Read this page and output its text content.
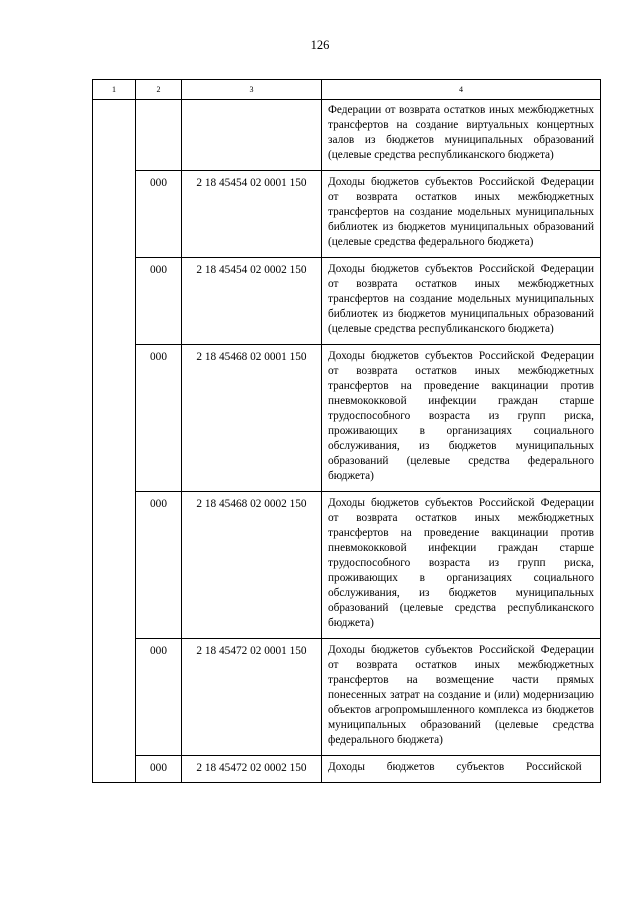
126
1	2	3	4
			Федерации от возврата остатков иных межбюджетных трансфертов на создание виртуальных концертных залов из бюджетов муниципальных образований (целевые средства республиканского бюджета)
	000	2 18 45454 02 0001 150	Доходы бюджетов субъектов Российской Федерации от возврата остатков иных межбюджетных трансфертов на создание модельных муниципальных библиотек из бюджетов муниципальных образований (целевые средства федерального бюджета)
	000	2 18 45454 02 0002 150	Доходы бюджетов субъектов Российской Федерации от возврата остатков иных межбюджетных трансфертов на создание модельных муниципальных библиотек из бюджетов муниципальных образований (целевые средства республиканского бюджета)
	000	2 18 45468 02 0001 150	Доходы бюджетов субъектов Российской Федерации от возврата остатков иных межбюджетных трансфертов на проведение вакцинации против пневмококковой инфекции граждан старше трудоспособного возраста из групп риска, проживающих в организациях социального обслуживания, из бюджетов муниципальных образований (целевые средства федерального бюджета)
	000	2 18 45468 02 0002 150	Доходы бюджетов субъектов Российской Федерации от возврата остатков иных межбюджетных трансфертов на проведение вакцинации против пневмококковой инфекции граждан старше трудоспособного возраста из групп риска, проживающих в организациях социального обслуживания, из бюджетов муниципальных образований (целевые средства республиканского бюджета)
	000	2 18 45472 02 0001 150	Доходы бюджетов субъектов Российской Федерации от возврата остатков иных межбюджетных трансфертов на возмещение части прямых понесенных затрат на создание и (или) модернизацию объектов агропромышленного комплекса из бюджетов муниципальных образований (целевые средства федерального бюджета)
	000	2 18 45472 02 0002 150	Доходы бюджетов субъектов Российской
